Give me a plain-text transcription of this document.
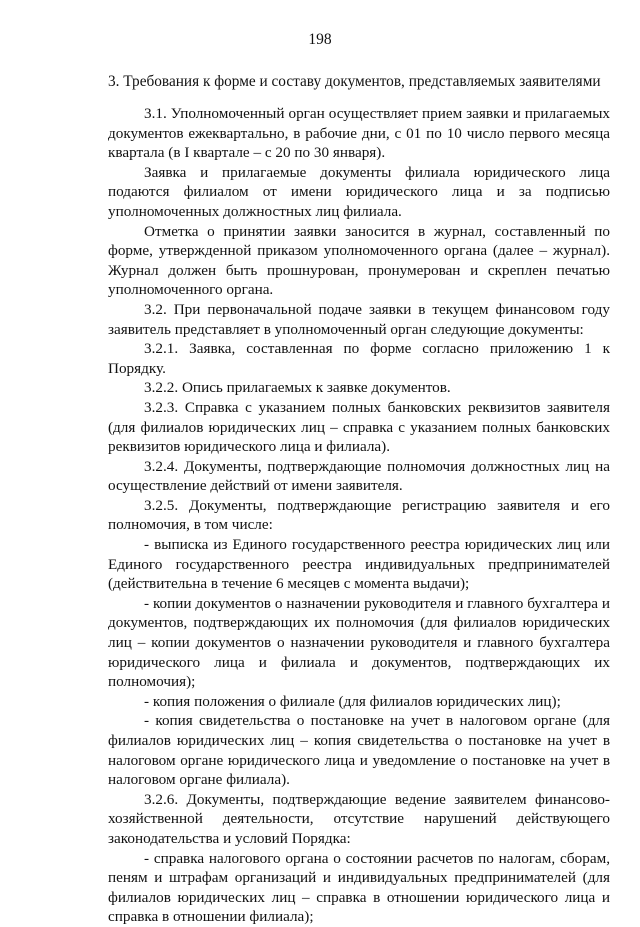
198
3. Требования к форме и составу документов, представляемых заявителями

3.1. Уполномоченный орган осуществляет прием заявки и прилагаемых документов ежеквартально, в рабочие дни, с 01 по 10 число первого месяца квартала (в I квартале – с 20 по 30 января).

Заявка и прилагаемые документы филиала юридического лица подаются филиалом от имени юридического лица и за подписью уполномоченных должностных лиц филиала.

Отметка о принятии заявки заносится в журнал, составленный по форме, утвержденной приказом уполномоченного органа (далее – журнал). Журнал должен быть прошнурован, пронумерован и скреплен печатью уполномоченного органа.

3.2. При первоначальной подаче заявки в текущем финансовом году заявитель представляет в уполномоченный орган следующие документы:

3.2.1. Заявка, составленная по форме согласно приложению 1 к Порядку.

3.2.2. Опись прилагаемых к заявке документов.

3.2.3. Справка с указанием полных банковских реквизитов заявителя (для филиалов юридических лиц – справка с указанием полных банковских реквизитов юридического лица и филиала).

3.2.4. Документы, подтверждающие полномочия должностных лиц на осуществление действий от имени заявителя.

3.2.5. Документы, подтверждающие регистрацию заявителя и его полномочия, в том числе:

- выписка из Единого государственного реестра юридических лиц или Единого государственного реестра индивидуальных предпринимателей (действительна в течение 6 месяцев с момента выдачи);

- копии документов о назначении руководителя и главного бухгалтера и документов, подтверждающих их полномочия (для филиалов юридических лиц – копии документов о назначении руководителя и главного бухгалтера юридического лица и филиала и документов, подтверждающих их полномочия);

- копия положения о филиале (для филиалов юридических лиц);

- копия свидетельства о постановке на учет в налоговом органе (для филиалов юридических лиц – копия свидетельства о постановке на учет в налоговом органе юридического лица и уведомление о постановке на учет в налоговом органе филиала).

3.2.6. Документы, подтверждающие ведение заявителем финансово-хозяйственной деятельности, отсутствие нарушений действующего законодательства и условий Порядка:

- справка налогового органа о состоянии расчетов по налогам, сборам, пеням и штрафам организаций и индивидуальных предпринимателей (для филиалов юридических лиц – справка в отношении юридического лица и справка в отношении филиала);
